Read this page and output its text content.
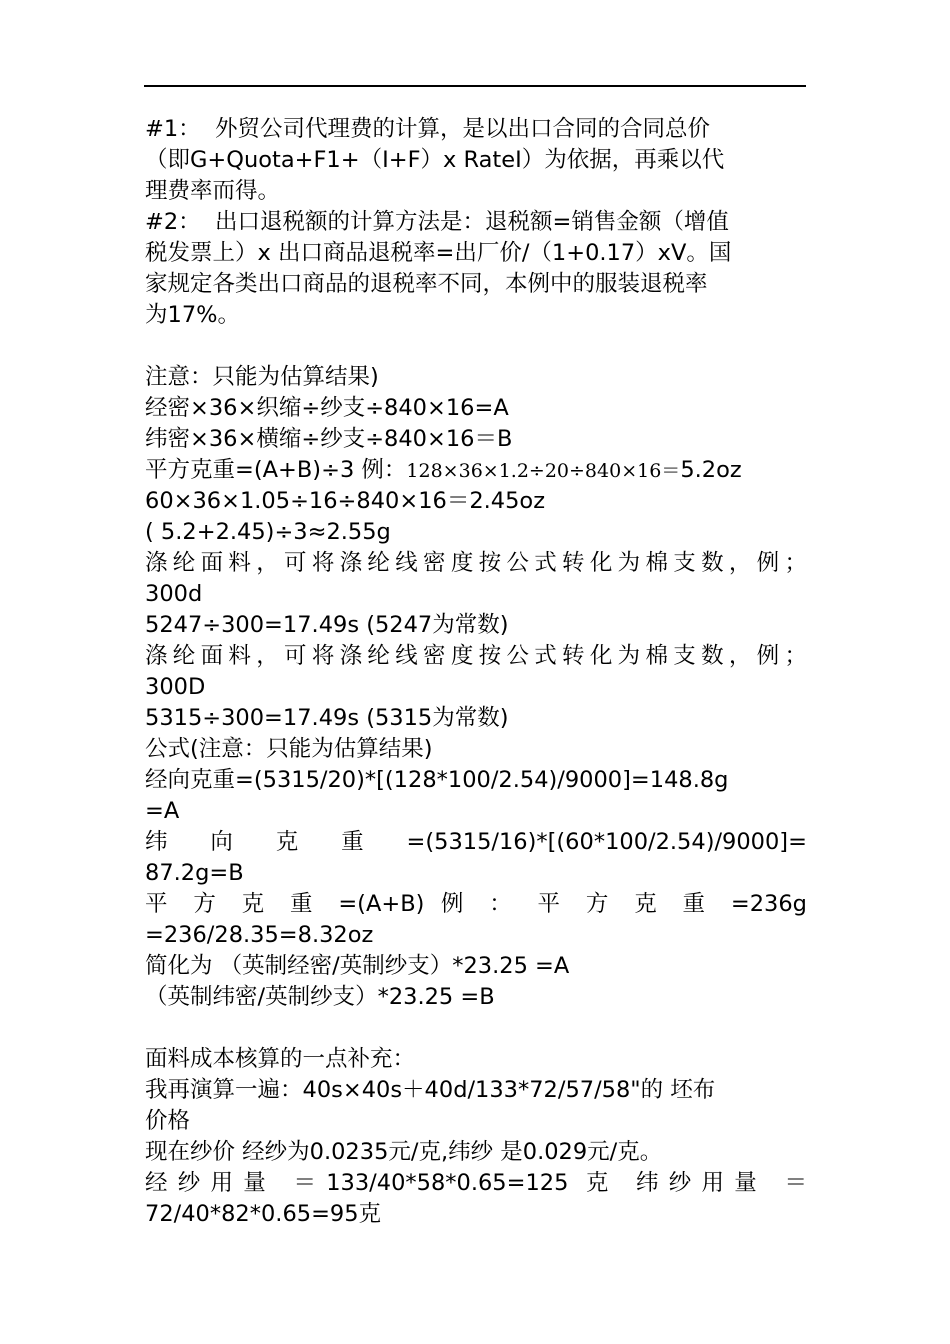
#1：  外贸公司代理费的计算，是以出口合同的合同总价
（即G+Quota+F1+（I+F）x RateI）为依据，再乘以代
理费率而得。
#2：  出口退税额的计算方法是：退税额=销售金额（增值
税发票上）x 出口商品退税率=出厂价/（1+0.17）xV。国
家规定各类出口商品的退税率不同，本例中的服装退税率
为17%。
注意：只能为估算结果)
经密×36×织缩÷纱支÷840×16=A
纬密×36×横缩÷纱支÷840×16＝B
平方克重=(A+B)÷3 例：128×36×1.2÷20÷840×16＝5.2oz
60×36×1.05÷16÷840×16＝2.45oz
( 5.2+2.45)÷3≈2.55g
涤纶面料，可将涤纶线密度按公式转化为棉支数，例；
300d
5247÷300=17.49s (5247为常数)
涤纶面料，可将涤纶线密度按公式转化为棉支数，例；
300D
5315÷300=17.49s (5315为常数)
公式(注意：只能为估算结果)
经向克重=(5315/20)*[(128*100/2.54)/9000]=148.8g
=A
纬 向 克 重 =(5315/16)*[(60*100/2.54)/9000]=
87.2g=B
平 方 克 重 =(A+B) 例 ： 平 方 克 重 =236g
=236/28.35=8.32oz
简化为 （英制经密/英制纱支）*23.25 =A
（英制纬密/英制纱支）*23.25 =B
面料成本核算的一点补充：
我再演算一遍：40s×40s＋40d/133*72/57/58"的 坯布
价格
现在纱价 经纱为0.0235元/克,纬纱 是0.029元/克。
经纱用量 ＝133/40*58*0.65=125 克 纬纱用量 ＝
72/40*82*0.65=95克
